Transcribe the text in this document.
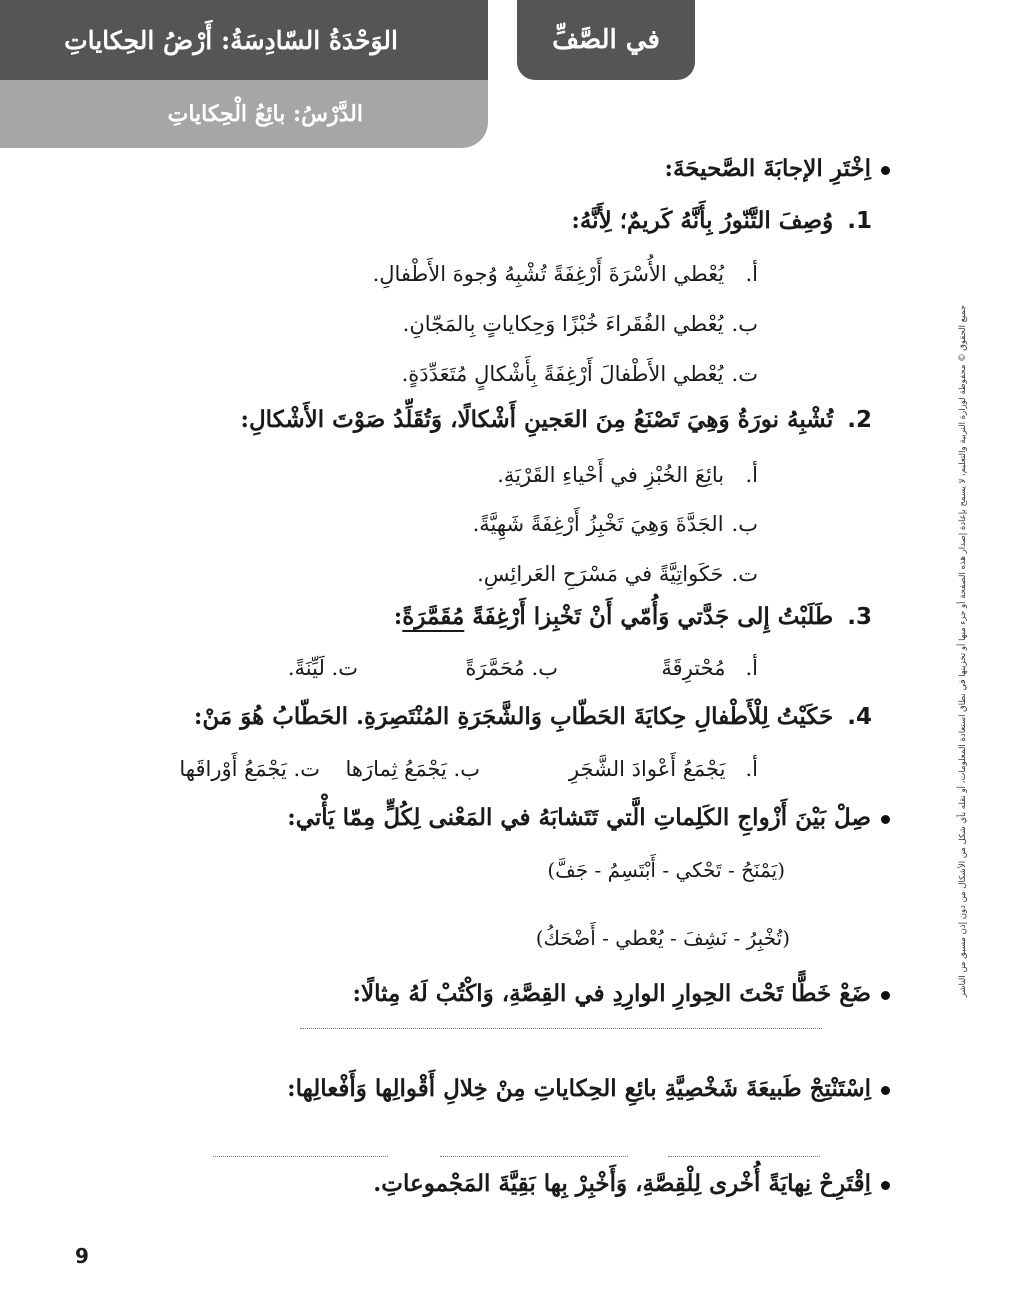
الوَحْدَةُ السّادِسَةُ: أَرْضُ الحِكاياتِ
الدَّرْسُ: بائِعُ الْحِكاياتِ
في الصَّفِّ
اِخْتَرِ الإجابَةَ الصَّحيحَةَ:
1.وُصِفَ التَّنّورُ بِأَنَّهُ كَريمٌ؛ لِأَنَّهُ:
أ.  يُعْطي الأُسْرَةَ أَرْغِفَةً تُشْبِهُ وُجوهَ الأَطْفالِ.
ب.يُعْطي الفُقَراءَ خُبْزًا وَحِكاياتٍ بِالمَجّانِ.
ت.يُعْطي الأَطْفالَ أَرْغِفَةً بِأَشْكالٍ مُتَعَدِّدَةٍ.
2.تُشْبِهُ نورَةُ وَهِيَ تَصْنَعُ مِنَ العَجينِ أَشْكالًا، وَتُقَلِّدُ صَوْتَ الأَشْكالِ:
أ.  بائِعَ الخُبْزِ في أَحْياءِ القَرْيَةِ.
ب.الجَدَّةَ وَهِيَ تَخْبِزُ أَرْغِفَةً شَهِيَّةً.
ت.حَكَواتِيَّةً في مَسْرَحِ العَرائِسِ.
3.طَلَبْتُ إِلى جَدَّتي وَأُمّي أَنْ تَخْبِزا أَرْغِفَةً مُقَمَّرَةً:
أ.   مُحْترِقَةً
ب. مُحَمَّرَةً
ت. لَيِّنَةً.
4.حَكَيْتُ لِلْأَطْفالِ حِكايَةَ الحَطّابِ وَالشَّجَرَةِ المُنْتَصِرَةِ. الحَطّابُ هُوَ مَنْ:
أ.   يَجْمَعُ أَعْوادَ الشَّجَرِ
ب. يَجْمَعُ ثِمارَها
ت. يَجْمَعُ أَوْراقَها
صِلْ بَيْنَ أَزْواجِ الكَلِماتِ الَّتي تَتَشابَهُ في المَعْنى لِكُلٍّ مِمّا يَأْتي:
(يَمْنَحُ - تَحْكي - أَبْتَسِمُ - جَفَّ)
(تُخْبِرُ - نَشِفَ - يُعْطي - أَضْحَكُ)
ضَعْ خَطًّا تَحْتَ الحِوارِ الوارِدِ في القِصَّةِ، وَاكْتُبْ لَهُ مِثالًا:
اِسْتَنْتِجْ طَبيعَةَ شَخْصِيَّةِ بائِعِ الحِكاياتِ مِنْ خِلالِ أَقْوالِها وَأَفْعالِها:
اِقْتَرِحْ نِهايَةً أُخْرى لِلْقِصَّةِ، وَأَخْبِرْ بِها بَقِيَّةَ المَجْموعاتِ.
جميع الحقوق © محفوظة لوزارة التربية والتعليم، لا يسمح بإعادة إصدار هذه الصفحة أو جزء منها أو تخزينها في نطاق استعادة المعلومات، أو نقله بأي شكل من الأشكال من دون إذن مسبق من الناشر
9
